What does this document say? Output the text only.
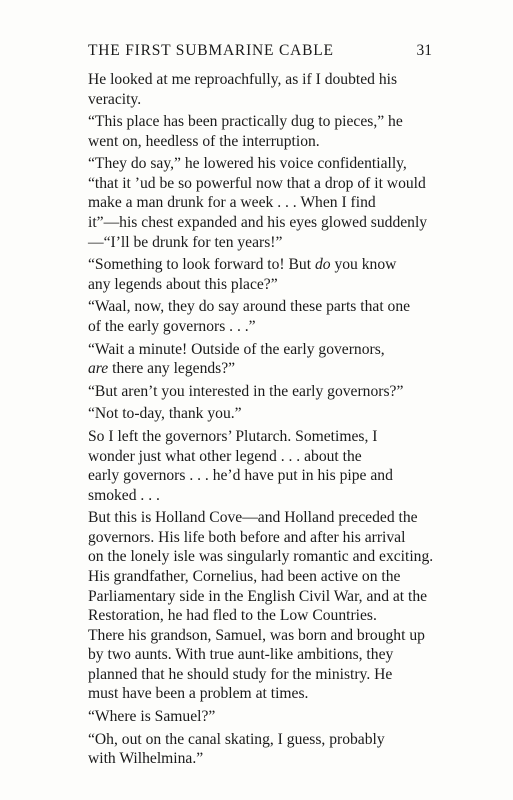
THE FIRST SUBMARINE CABLE	31

He looked at me reproachfully, as if I doubted his
veracity.

“This place has been practically dug to pieces,” he
went on, heedless of the interruption.

“They do say,” he lowered his voice confidentially,
“that it ’ud be so powerful now that a drop of it would
make a man drunk for a week . . . When I find
it”—his chest expanded and his eyes glowed suddenly
—“I’ll be drunk for ten years!”

“Something to look forward to! But do you know
any legends about this place?”

“Waal, now, they do say around these parts that one
of the early governors . . .”

“Wait a minute! Outside of the early governors,
are there any legends?”

“But aren’t you interested in the early governors?”

“Not to-day, thank you.”

So I left the governors’ Plutarch. Sometimes, I
wonder just what other legend . . . about the
early governors . . . he’d have put in his pipe and
smoked . . .

But this is Holland Cove—and Holland preceded the
governors. His life both before and after his arrival
on the lonely isle was singularly romantic and exciting.
His grandfather, Cornelius, had been active on the
Parliamentary side in the English Civil War, and at the
Restoration, he had fled to the Low Countries.
There his grandson, Samuel, was born and brought up
by two aunts. With true aunt-like ambitions, they
planned that he should study for the ministry. He
must have been a problem at times.

“Where is Samuel?”

“Oh, out on the canal skating, I guess, probably
with Wilhelmina.”
